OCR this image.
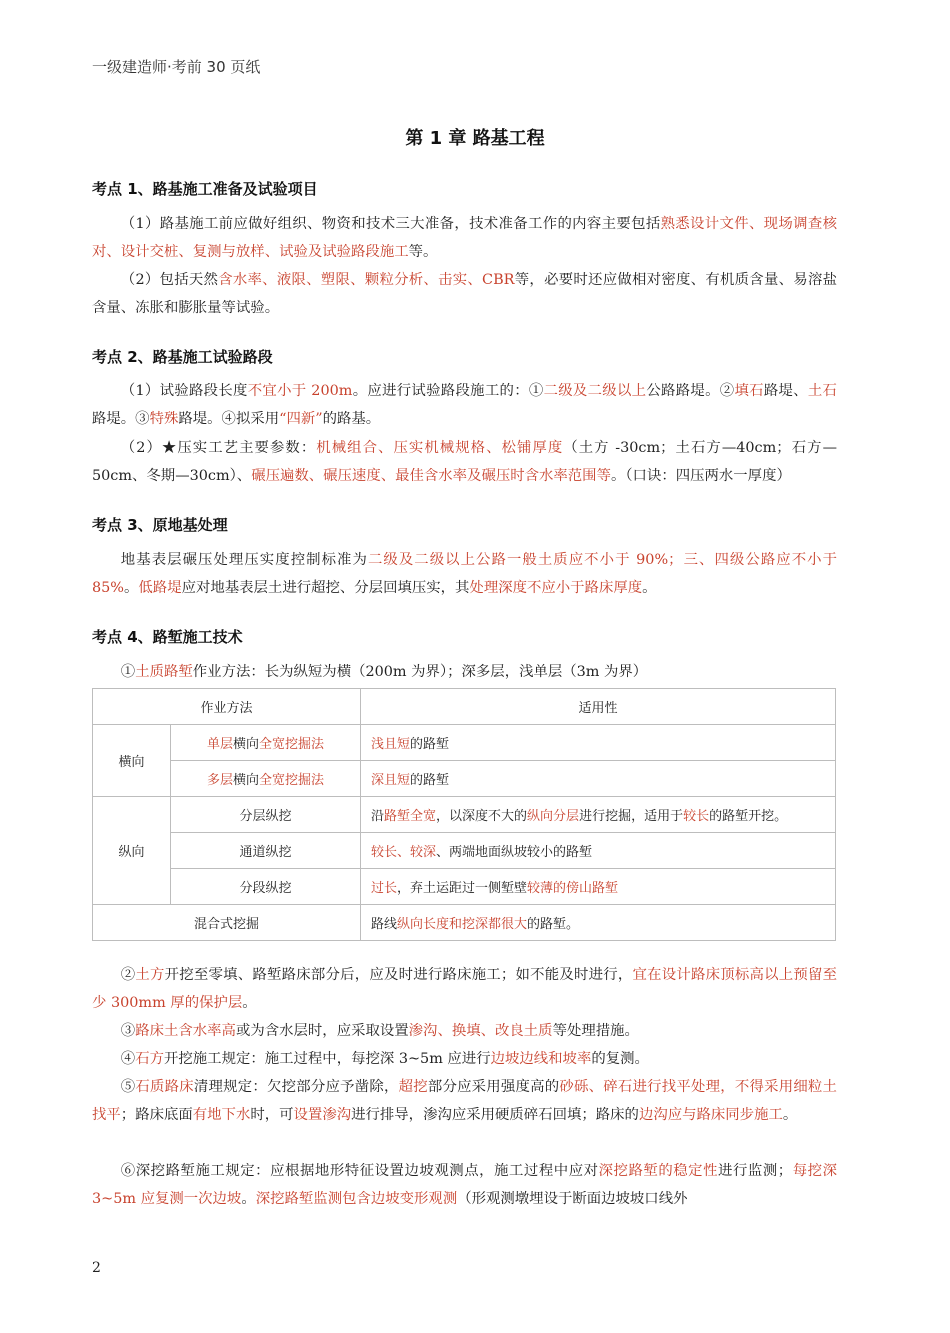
一级建造师·考前 30 页纸
第 1 章 路基工程
考点 1、路基施工准备及试验项目
（1）路基施工前应做好组织、物资和技术三大准备，技术准备工作的内容主要包括熟悉设计文件、现场调查核对、设计交桩、复测与放样、试验及试验路段施工等。
（2）包括天然含水率、液限、塑限、颗粒分析、击实、CBR等，必要时还应做相对密度、有机质含量、易溶盐含量、冻胀和膨胀量等试验。
考点 2、路基施工试验路段
（1）试验路段长度不宜小于 200m。应进行试验路段施工的：①二级及二级以上公路路堤。②填石路堤、土石路堤。③特殊路堤。④拟采用“四新”的路基。
（2）★压实工艺主要参数：机械组合、压实机械规格、松铺厚度（土方 -30cm；土石方—40cm；石方—50cm、冬期—30cm）、碾压遍数、碾压速度、最佳含水率及碾压时含水率范围等。（口诀：四压两水一厚度）
考点 3、原地基处理
地基表层碾压处理压实度控制标准为二级及二级以上公路一般土质应不小于 90%；三、四级公路应不小于 85%。低路堤应对地基表层土进行超挖、分层回填压实，其处理深度不应小于路床厚度。
考点 4、路堑施工技术
①土质路堑作业方法：长为纵短为横（200m 为界）；深多层，浅单层（3m 为界）
作业方法		适用性
横向	单层横向全宽挖掘法	浅且短的路堑
	多层横向全宽挖掘法	深且短的路堑
纵向	分层纵挖	沿路堑全宽，以深度不大的纵向分层进行挖掘，适用于较长的路堑开挖。
	通道纵挖	较长、较深、两端地面纵坡较小的路堑
	分段纵挖	过长，弃土运距过一侧堑壁较薄的傍山路堑
混合式挖掘		路线纵向长度和挖深都很大的路堑。
②土方开挖至零填、路堑路床部分后，应及时进行路床施工；如不能及时进行，宜在设计路床顶标高以上预留至少 300mm 厚的保护层。
③路床土含水率高或为含水层时，应采取设置渗沟、换填、改良土质等处理措施。
④石方开挖施工规定：施工过程中，每挖深 3~5m 应进行边坡边线和坡率的复测。
⑤石质路床清理规定：欠挖部分应予凿除，超挖部分应采用强度高的砂砾、碎石进行找平处理，不得采用细粒土找平；路床底面有地下水时，可设置渗沟进行排导，渗沟应采用硬质碎石回填；路床的边沟应与路床同步施工。
⑥深挖路堑施工规定：应根据地形特征设置边坡观测点，施工过程中应对深挖路堑的稳定性进行监测；每挖深 3~5m 应复测一次边坡。深挖路堑监测包含边坡变形观测（形观测墩埋设于断面边坡坡口线外
2
